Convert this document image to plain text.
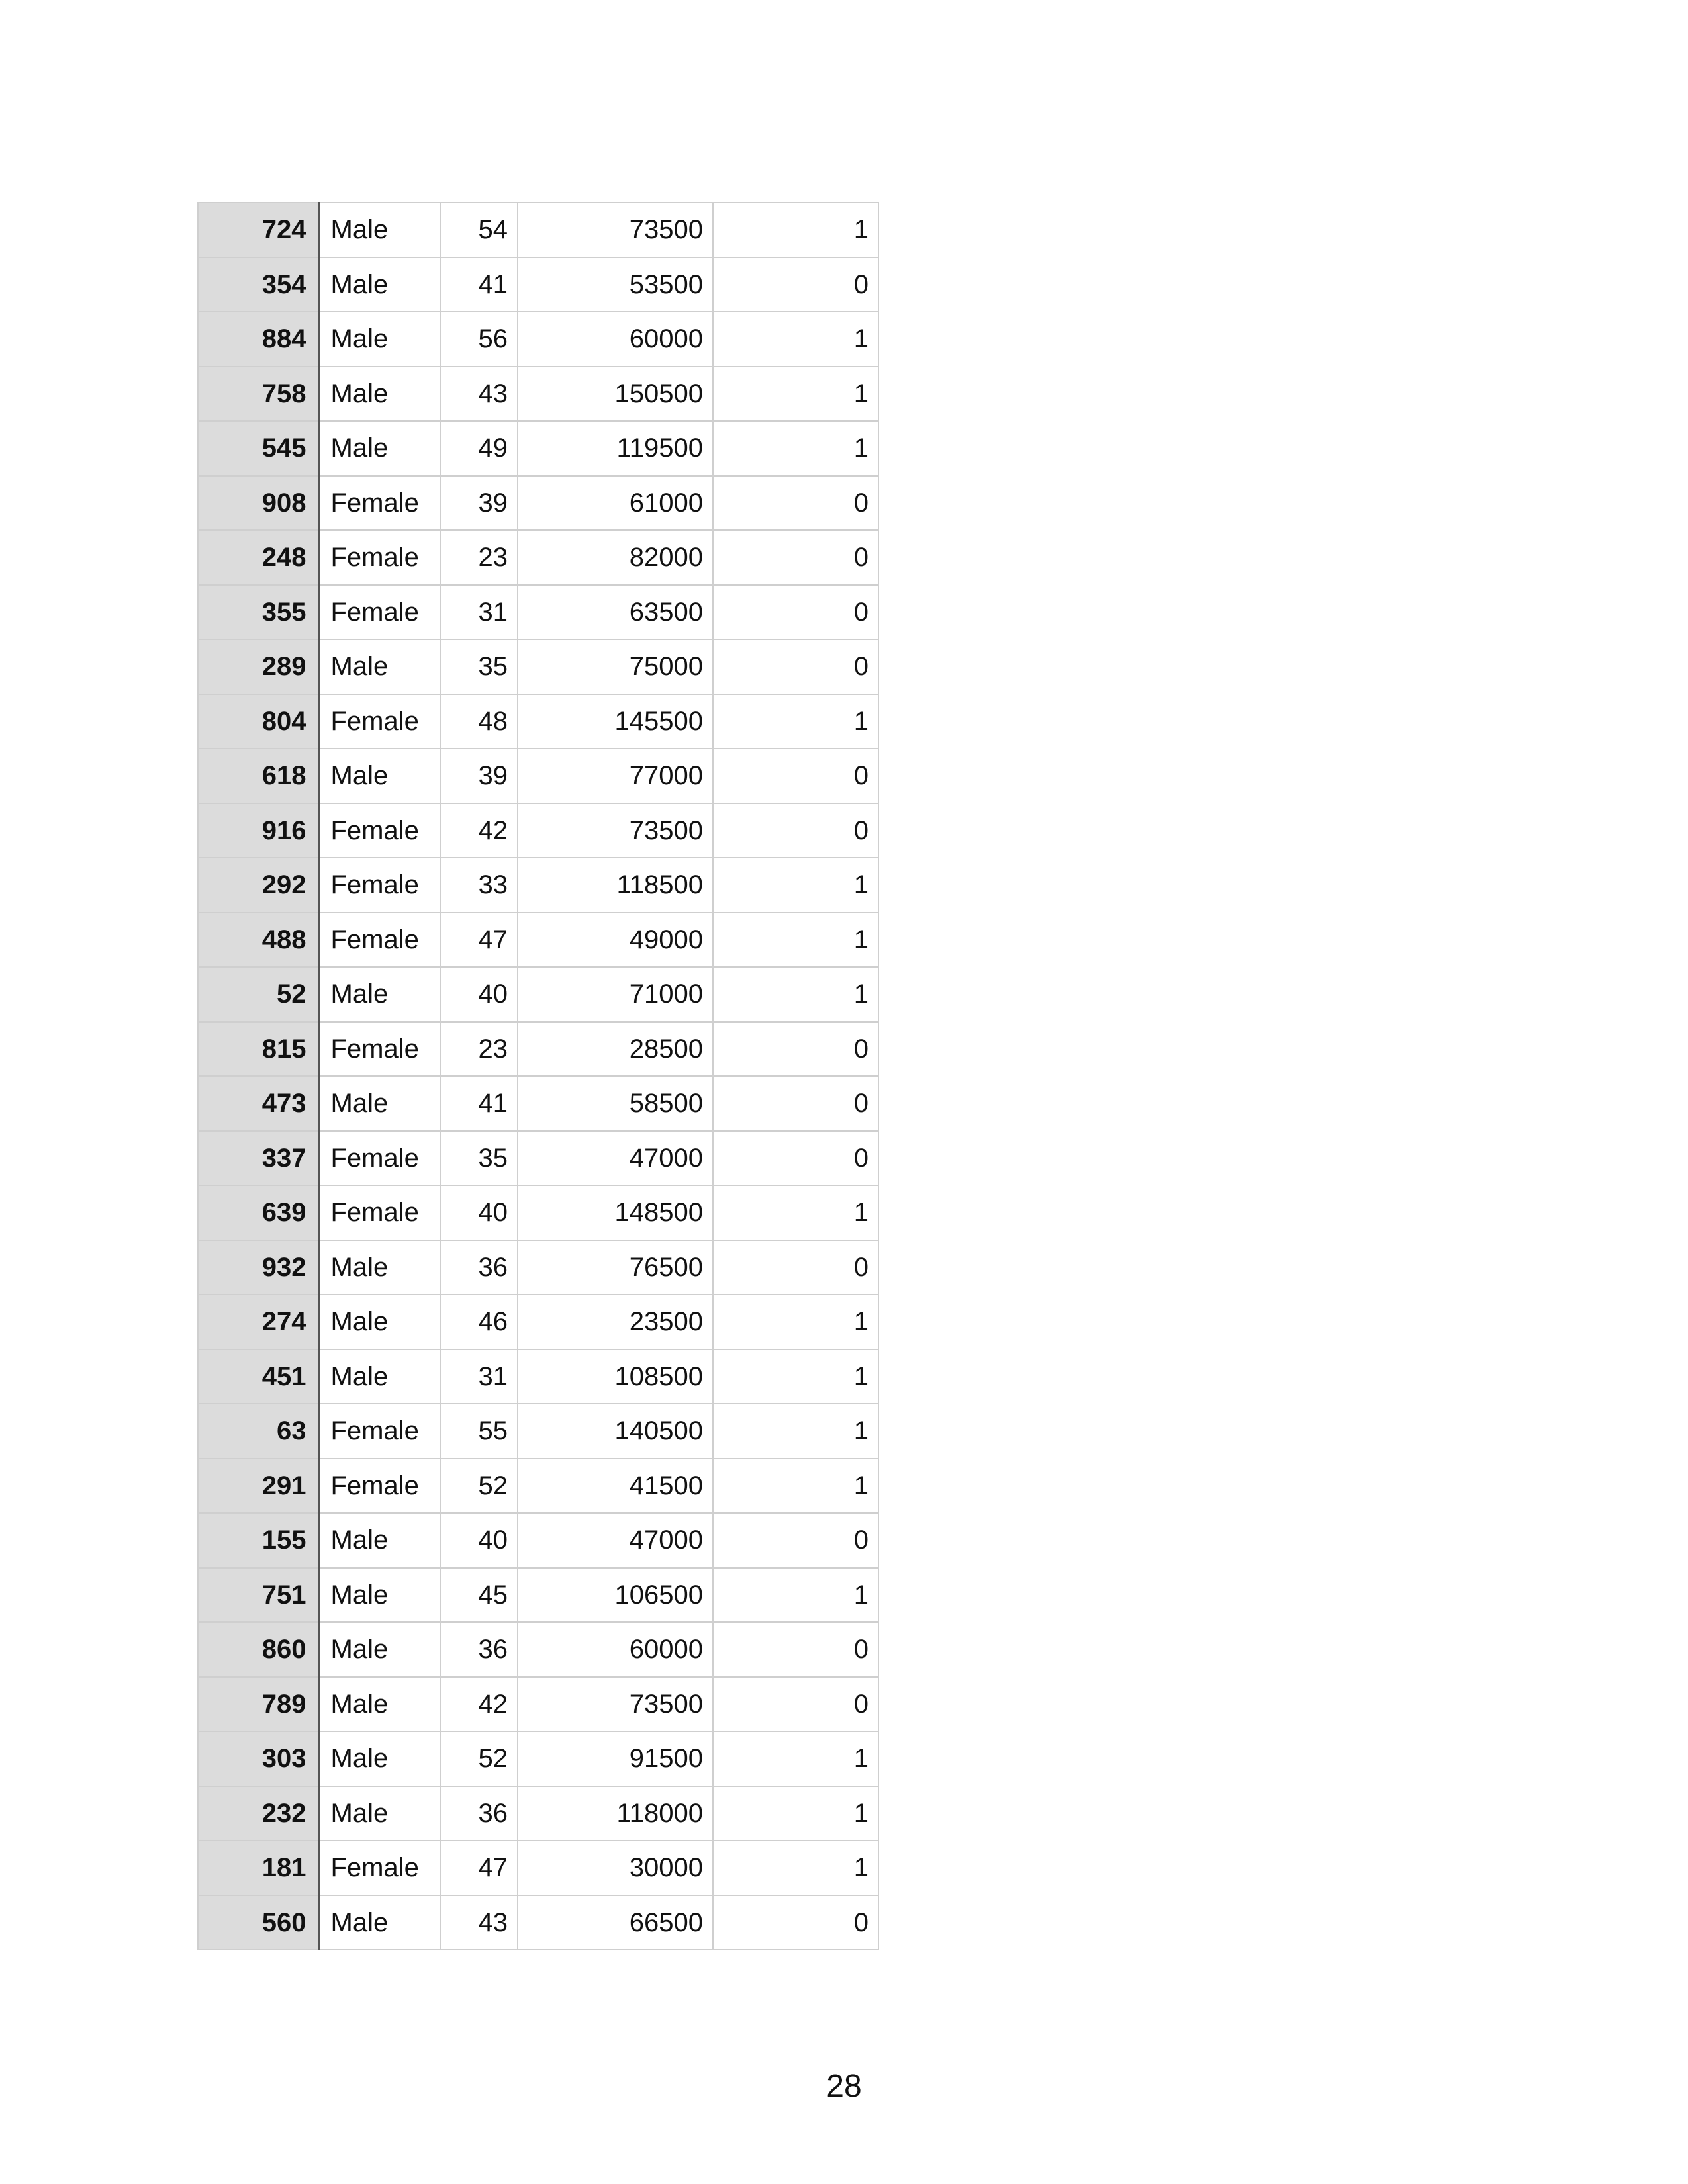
724	Male	54	73500	1
354	Male	41	53500	0
884	Male	56	60000	1
758	Male	43	150500	1
545	Male	49	119500	1
908	Female	39	61000	0
248	Female	23	82000	0
355	Female	31	63500	0
289	Male	35	75000	0
804	Female	48	145500	1
618	Male	39	77000	0
916	Female	42	73500	0
292	Female	33	118500	1
488	Female	47	49000	1
52	Male	40	71000	1
815	Female	23	28500	0
473	Male	41	58500	0
337	Female	35	47000	0
639	Female	40	148500	1
932	Male	36	76500	0
274	Male	46	23500	1
451	Male	31	108500	1
63	Female	55	140500	1
291	Female	52	41500	1
155	Male	40	47000	0
751	Male	45	106500	1
860	Male	36	60000	0
789	Male	42	73500	0
303	Male	52	91500	1
232	Male	36	118000	1
181	Female	47	30000	1
560	Male	43	66500	0
28
